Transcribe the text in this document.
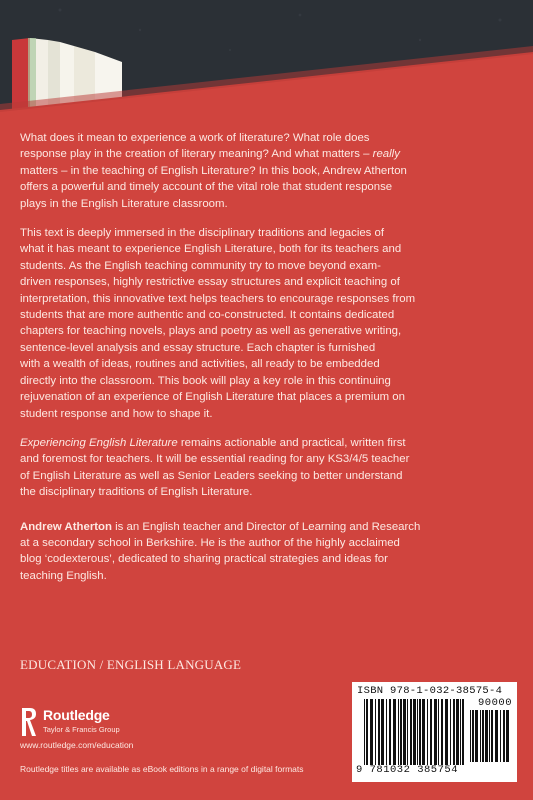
What does it mean to experience a work of literature? What role does
response play in the creation of literary meaning? And what matters – really
matters – in the teaching of English Literature? In this book, Andrew Atherton
offers a powerful and timely account of the vital role that student response
plays in the English Literature classroom.

This text is deeply immersed in the disciplinary traditions and legacies of
what it has meant to experience English Literature, both for its teachers and
students. As the English teaching community try to move beyond exam-
driven responses, highly restrictive essay structures and explicit teaching of
interpretation, this innovative text helps teachers to encourage responses from
students that are more authentic and co-constructed. It contains dedicated
chapters for teaching novels, plays and poetry as well as generative writing,
sentence-level analysis and essay structure. Each chapter is furnished
with a wealth of ideas, routines and activities, all ready to be embedded
directly into the classroom. This book will play a key role in this continuing
rejuvenation of an experience of English Literature that places a premium on
student response and how to shape it.

Experiencing English Literature remains actionable and practical, written first
and foremost for teachers. It will be essential reading for any KS3/4/5 teacher
of English Literature as well as Senior Leaders seeking to better understand
the disciplinary traditions of English Literature.

Andrew Atherton is an English teacher and Director of Learning and Research
at a secondary school in Berkshire. He is the author of the highly acclaimed
blog ‘codexterous’, dedicated to sharing practical strategies and ideas for
teaching English.

EDUCATION / ENGLISH LANGUAGE
Routledge
Taylor & Francis Group
www.routledge.com/education
Routledge titles are available as eBook editions in a range of digital formats
ISBN 978-1-032-38575-4
90000
9 781032 385754
